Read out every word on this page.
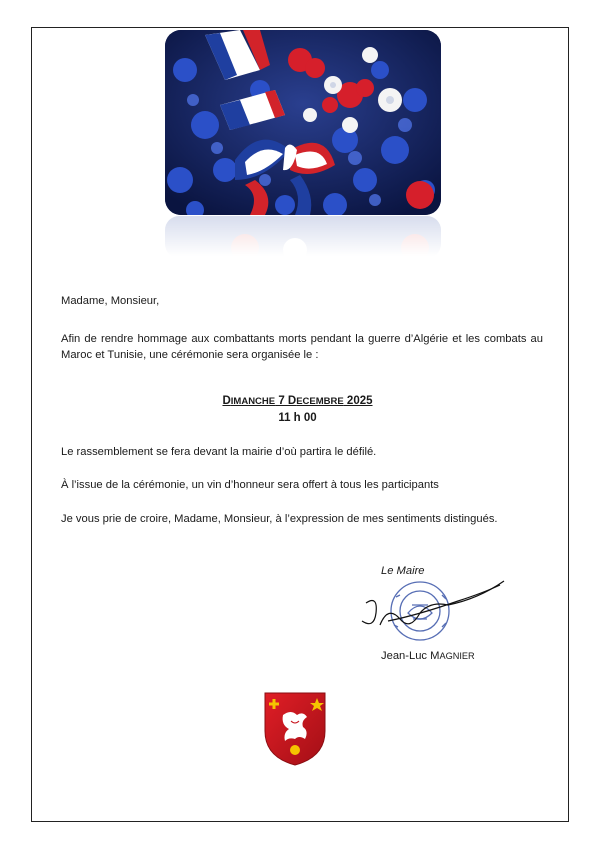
Madame, Monsieur,
Afin de rendre hommage aux combattants morts pendant la guerre d’Algérie et les combats au Maroc et Tunisie, une cérémonie sera organisée le :
DIMANCHE 7 DECEMBRE 2025
11 h 00
Le rassemblement se fera devant la mairie d’où partira le défilé.
À l’issue de la cérémonie, un vin d’honneur sera offert à tous les participants
Je vous prie de croire, Madame, Monsieur, à l’expression de mes sentiments distingués.
Le Maire
Jean-Luc MAGNIER
